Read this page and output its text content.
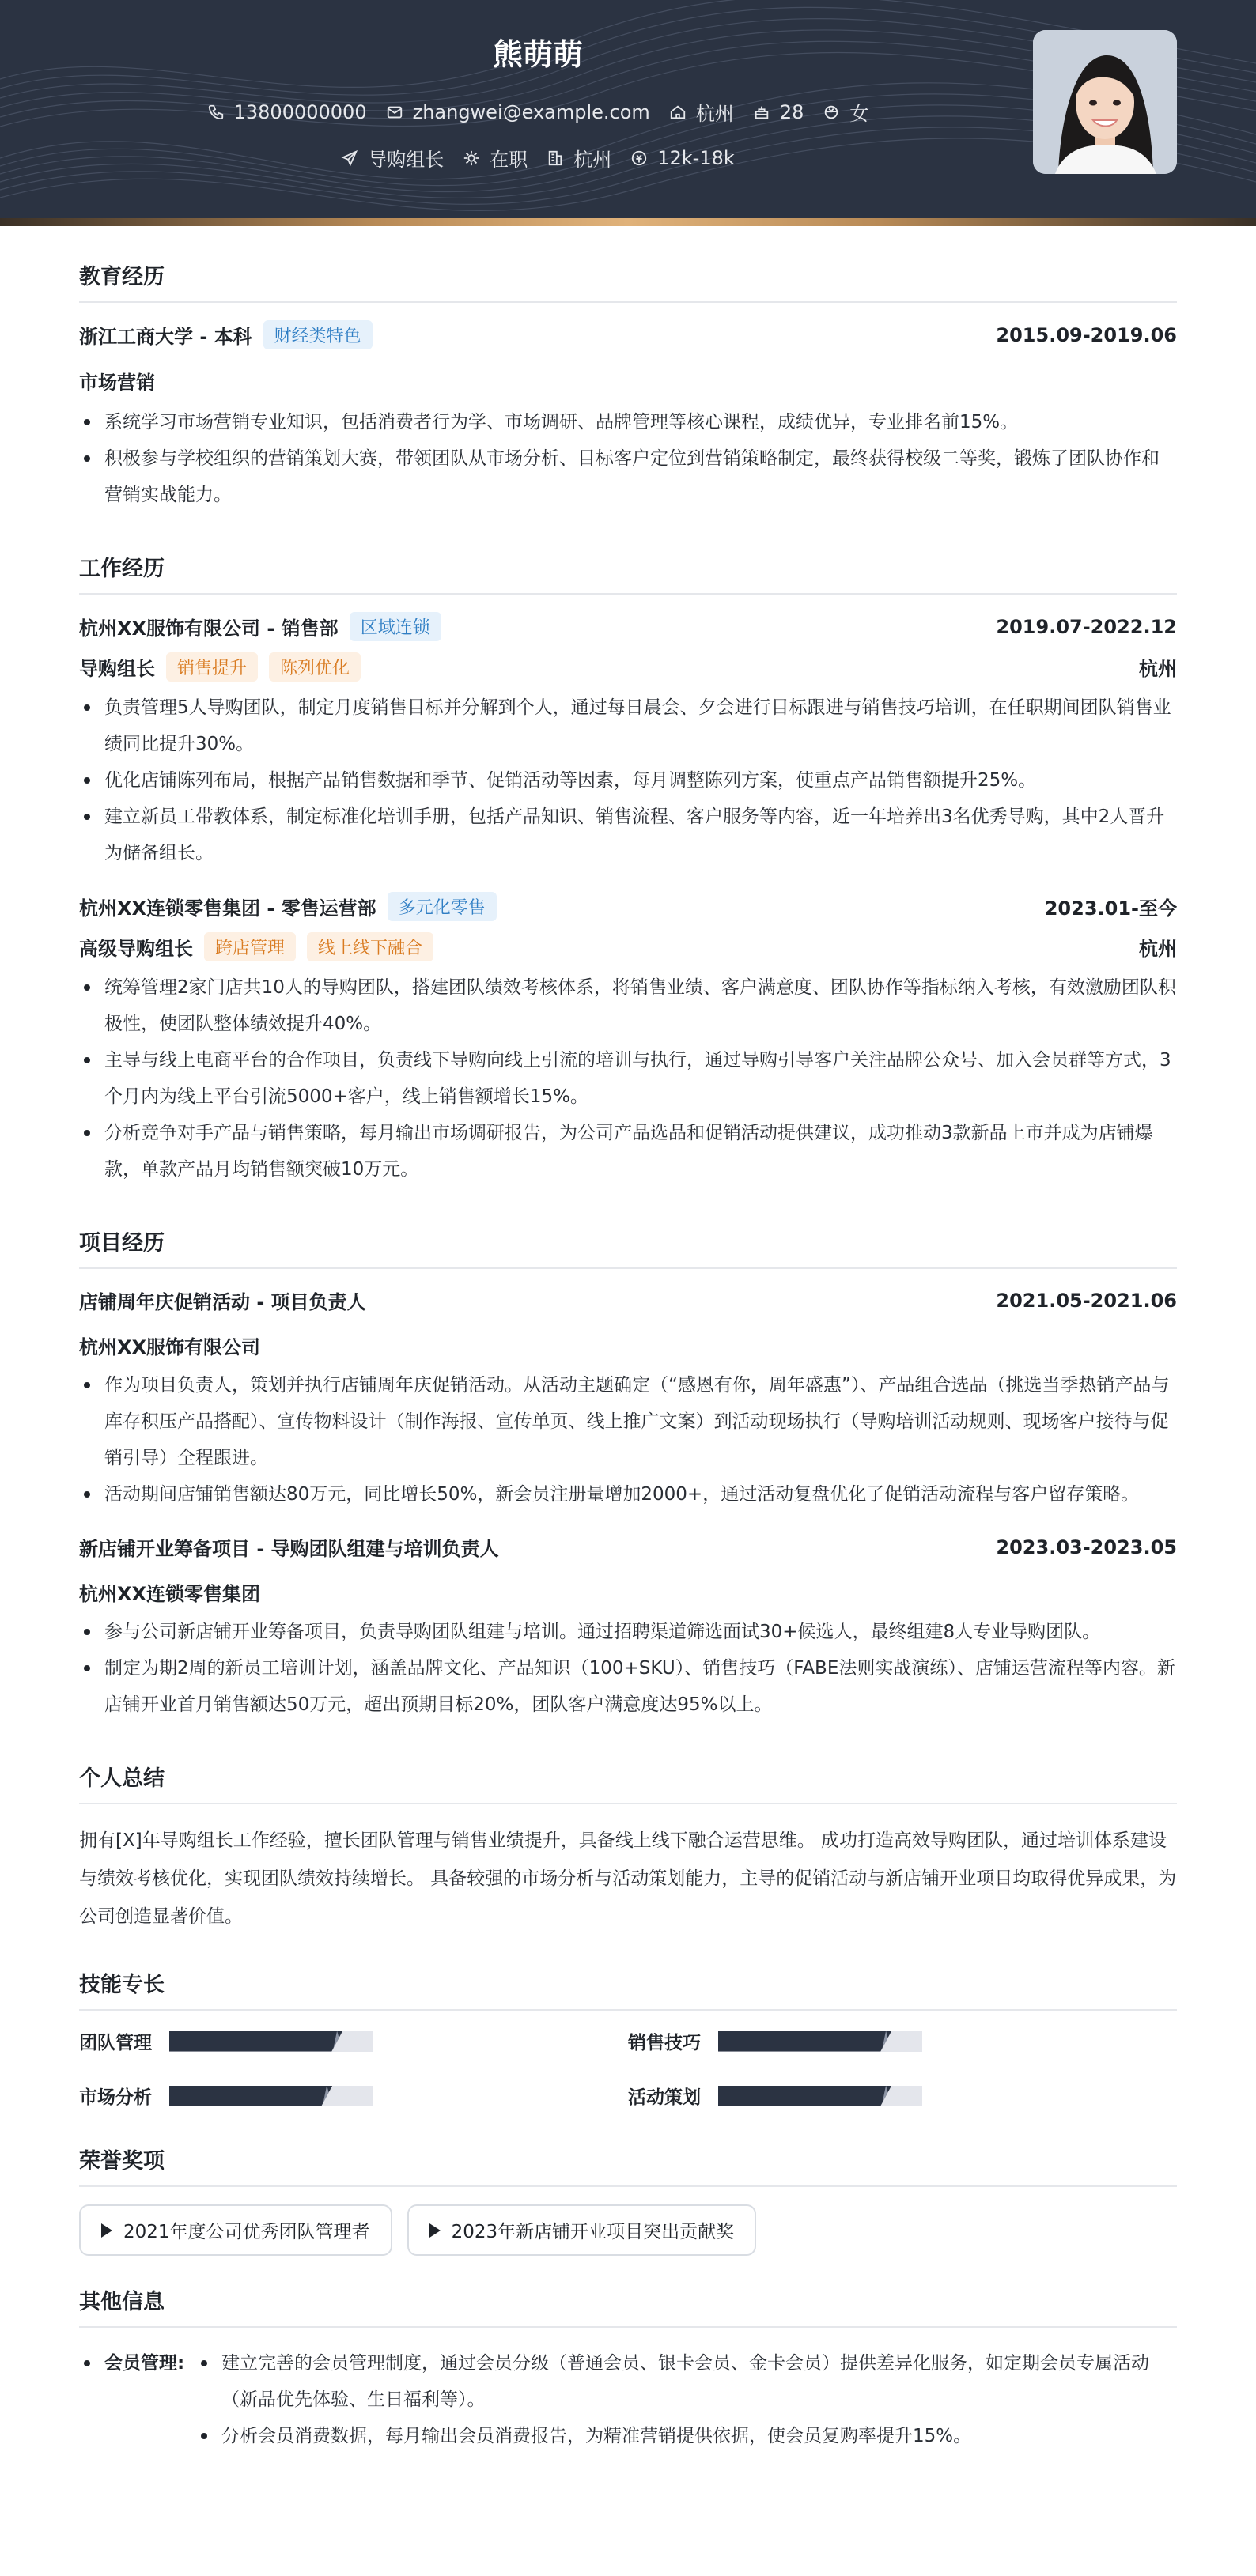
熊萌萌
13800000000 zhangwei@example.com 杭州 28 女
导购组长 在职 杭州 12k-18k
教育经历
浙江工商大学 - 本科	财经类特色	2015.09-2019.06
市场营销
系统学习市场营销专业知识，包括消费者行为学、市场调研、品牌管理等核心课程，成绩优异，专业排名前15%。
积极参与学校组织的营销策划大赛，带领团队从市场分析、目标客户定位到营销策略制定，最终获得校级二等奖，锻炼了团队协作和营销实战能力。
工作经历
杭州XX服饰有限公司 - 销售部	区域连锁	2019.07-2022.12
导购组长	销售提升	陈列优化	杭州
负责管理5人导购团队，制定月度销售目标并分解到个人，通过每日晨会、夕会进行目标跟进与销售技巧培训，在任职期间团队销售业绩同比提升30%。
优化店铺陈列布局，根据产品销售数据和季节、促销活动等因素，每月调整陈列方案，使重点产品销售额提升25%。
建立新员工带教体系，制定标准化培训手册，包括产品知识、销售流程、客户服务等内容，近一年培养出3名优秀导购，其中2人晋升为储备组长。
杭州XX连锁零售集团 - 零售运营部	多元化零售	2023.01-至今
高级导购组长	跨店管理	线上线下融合	杭州
统筹管理2家门店共10人的导购团队，搭建团队绩效考核体系，将销售业绩、客户满意度、团队协作等指标纳入考核，有效激励团队积极性，使团队整体绩效提升40%。
主导与线上电商平台的合作项目，负责线下导购向线上引流的培训与执行，通过导购引导客户关注品牌公众号、加入会员群等方式，3个月内为线上平台引流5000+客户，线上销售额增长15%。
分析竞争对手产品与销售策略，每月输出市场调研报告，为公司产品选品和促销活动提供建议，成功推动3款新品上市并成为店铺爆款，单款产品月均销售额突破10万元。
项目经历
店铺周年庆促销活动 - 项目负责人	2021.05-2021.06
杭州XX服饰有限公司
作为项目负责人，策划并执行店铺周年庆促销活动。从活动主题确定（“感恩有你，周年盛惠”）、产品组合选品（挑选当季热销产品与库存积压产品搭配）、宣传物料设计（制作海报、宣传单页、线上推广文案）到活动现场执行（导购培训活动规则、现场客户接待与促销引导）全程跟进。
活动期间店铺销售额达80万元，同比增长50%，新会员注册量增加2000+，通过活动复盘优化了促销活动流程与客户留存策略。
新店铺开业筹备项目 - 导购团队组建与培训负责人	2023.03-2023.05
杭州XX连锁零售集团
参与公司新店铺开业筹备项目，负责导购团队组建与培训。通过招聘渠道筛选面试30+候选人，最终组建8人专业导购团队。
制定为期2周的新员工培训计划，涵盖品牌文化、产品知识（100+SKU）、销售技巧（FABE法则实战演练）、店铺运营流程等内容。新店铺开业首月销售额达50万元，超出预期目标20%，团队客户满意度达95%以上。
个人总结

拥有[X]年导购组长工作经验，擅长团队管理与销售业绩提升，具备线上线下融合运营思维。 成功打造高效导购团队，通过培训体系建设与绩效考核优化，实现团队绩效持续增长。 具备较强的市场分析与活动策划能力，主导的促销活动与新店铺开业项目均取得优异成果，为公司创造显著价值。

技能专长
团队管理	销售技巧
市场分析	活动策划
荣誉奖项
2021年度公司优秀团队管理者
	2023年新店铺开业项目突出贡献奖
其他信息
会员管理:	建立完善的会员管理制度，通过会员分级（普通会员、银卡会员、金卡会员）提供差异化服务，如定期会员专属活动（新品优先体验、生日福利等）。
分析会员消费数据，每月输出会员消费报告，为精准营销提供依据，使会员复购率提升15%。
